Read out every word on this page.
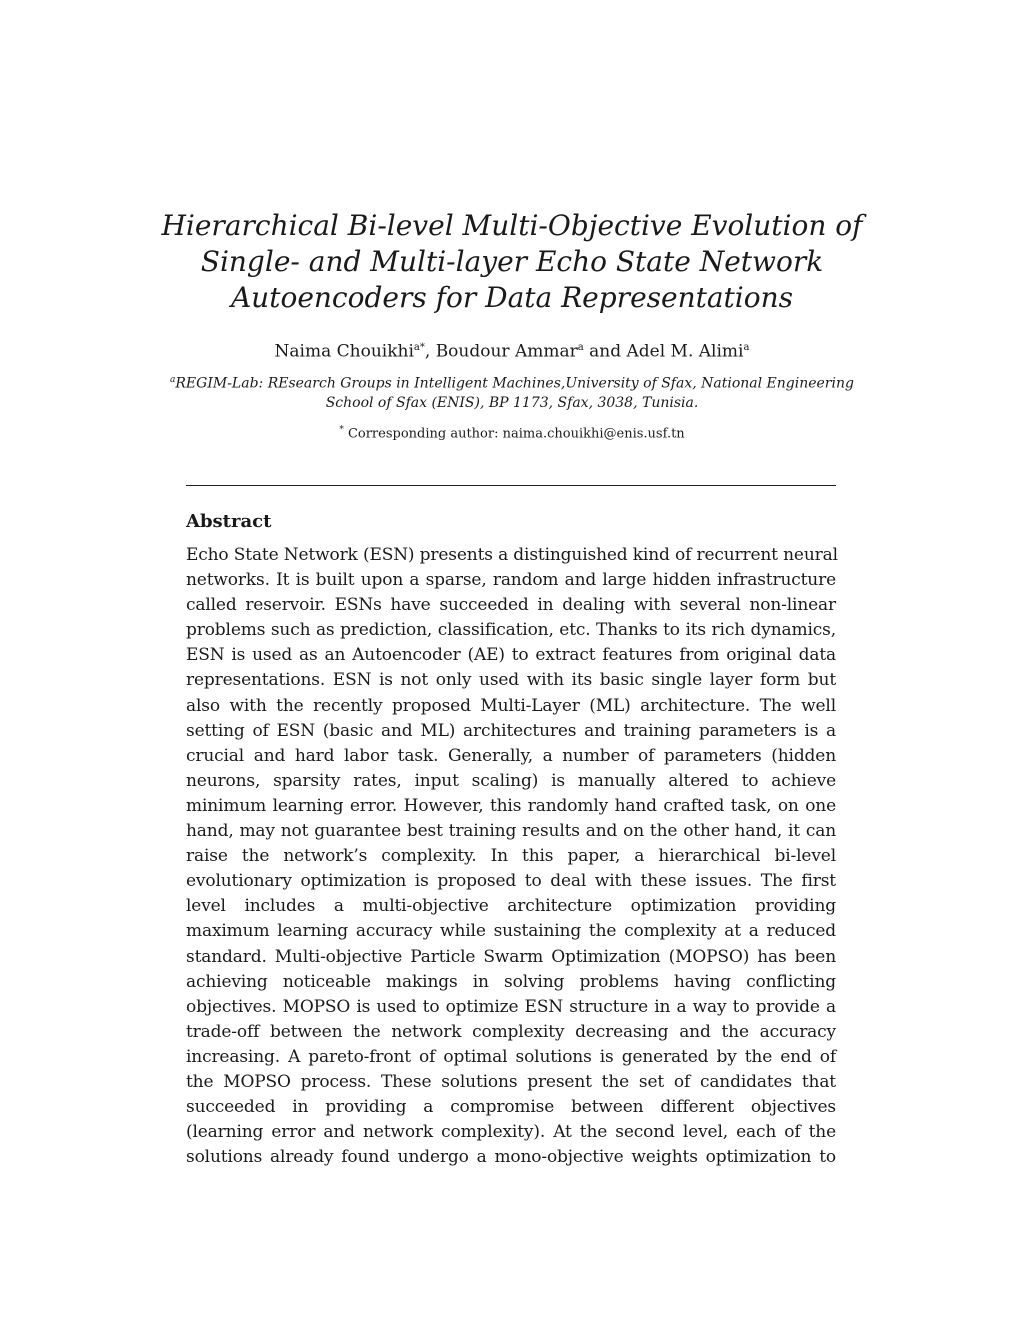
Hierarchical Bi-level Multi-Objective Evolution of
Single- and Multi-layer Echo State Network
Autoencoders for Data Representations
Naima Chouikhi$^{a*}$, Boudour Ammar$^a$ and Adel M. Alimi$^a$
$^a$REGIM-Lab: REsearch Groups in Intelligent Machines,University of Sfax, National Engineering
School of Sfax (ENIS), BP 1173, Sfax, 3038, Tunisia.
* Corresponding author: naima.chouikhi@enis.usf.tn
Abstract
Echo State Network (ESN) presents a distinguished kind of recurrent neural
networks. It is built upon a sparse, random and large hidden infrastructure
called reservoir. ESNs have succeeded in dealing with several non-linear
problems such as prediction, classification, etc. Thanks to its rich dynamics,
ESN is used as an Autoencoder (AE) to extract features from original data
representations. ESN is not only used with its basic single layer form but
also with the recently proposed Multi-Layer (ML) architecture. The well
setting of ESN (basic and ML) architectures and training parameters is a
crucial and hard labor task. Generally, a number of parameters (hidden
neurons, sparsity rates, input scaling) is manually altered to achieve
minimum learning error. However, this randomly hand crafted task, on one
hand, may not guarantee best training results and on the other hand, it can
raise the network’s complexity. In this paper, a hierarchical bi-level
evolutionary optimization is proposed to deal with these issues. The first
level includes a multi-objective architecture optimization providing
maximum learning accuracy while sustaining the complexity at a reduced
standard. Multi-objective Particle Swarm Optimization (MOPSO) has been
achieving noticeable makings in solving problems having conflicting
objectives. MOPSO is used to optimize ESN structure in a way to provide a
trade-off between the network complexity decreasing and the accuracy
increasing. A pareto-front of optimal solutions is generated by the end of
the MOPSO process. These solutions present the set of candidates that
succeeded in providing a compromise between different objectives
(learning error and network complexity). At the second level, each of the
solutions already found undergo a mono-objective weights optimization to
